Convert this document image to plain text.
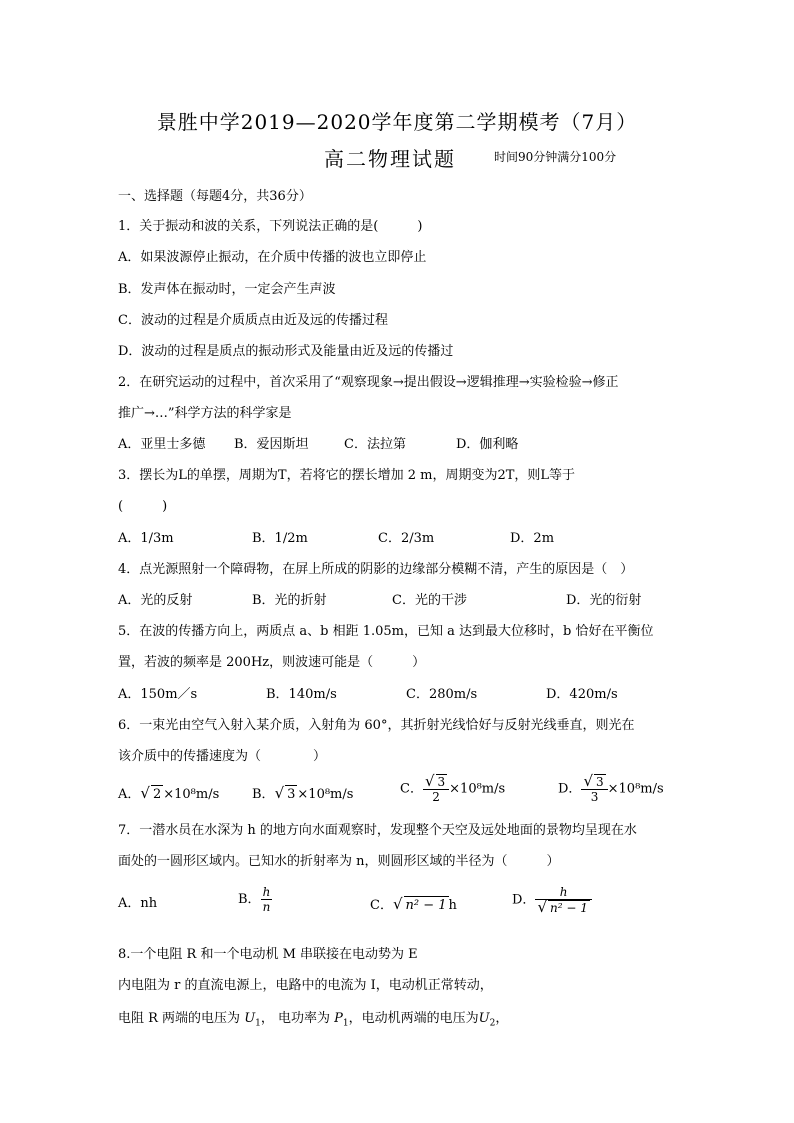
景胜中学2019—2020学年度第二学期模考（7月）
高二物理试题	时间90分钟满分100分
一、选择题（每题4分，共36分）
1．关于振动和波的关系，下列说法正确的是(　　　)
A．如果波源停止振动，在介质中传播的波也立即停止
B．发声体在振动时，一定会产生声波
C．波动的过程是介质质点由近及远的传播过程
D．波动的过程是质点的振动形式及能量由近及远的传播过
2．在研究运动的过程中，首次采用了“观察现象→提出假设→逻辑推理→实验检验→修正
推广→…”科学方法的科学家是
A．亚里士多德 B．爱因斯坦	C．法拉第	D．伽利略
3．摆长为L的单摆，周期为T，若将它的摆长增加 2 m，周期变为2T，则L等于
(　　　)
A．1/3m	B．1/2m	C．2/3m	D．2m
4．点光源照射一个障碍物，在屏上所成的阴影的边缘部分模糊不清，产生的原因是（　）
A．光的反射	B．光的折射	C．光的干涉	D．光的衍射
5．在波的传播方向上，两质点 a、b 相距 1.05m，已知 a 达到最大位移时，b 恰好在平衡位
置，若波的频率是 200Hz，则波速可能是（　　　）
A．150m／s	B．140m/s	C．280m/s	D．420m/s
6．一束光由空气入射入某介质，入射角为 60°，其折射光线恰好与反射光线垂直，则光在
该介质中的传播速度为（　　　　）
A．√ 2 ×10⁸m/s	B．√ 3 ×10⁸m/s	C． $\frac{√ 3}{2} \times 10^8m/s$	D． $\frac{√ 3}{3} \times 10^8m/s$
7．一潜水员在水深为 h 的地方向水面观察时，发现整个天空及远处地面的景物均呈现在水
面处的一圆形区域内。已知水的折射率为 n，则圆形区域的半径为（　　　）
A．nh	B． $\frac{h}{n}$	C．√ n² − 1 h	D． $\frac{h}{\text{√ n² − 1}}$
8.一个电阻 R 和一个电动机 M 串联接在电动势为 E
内电阻为 r 的直流电源上，电路中的电流为 I，电动机正常转动，
电阻 R 两端的电压为 $U_1$， 电功率为 $P_1$，电动机两端的电压为$U_2$，
